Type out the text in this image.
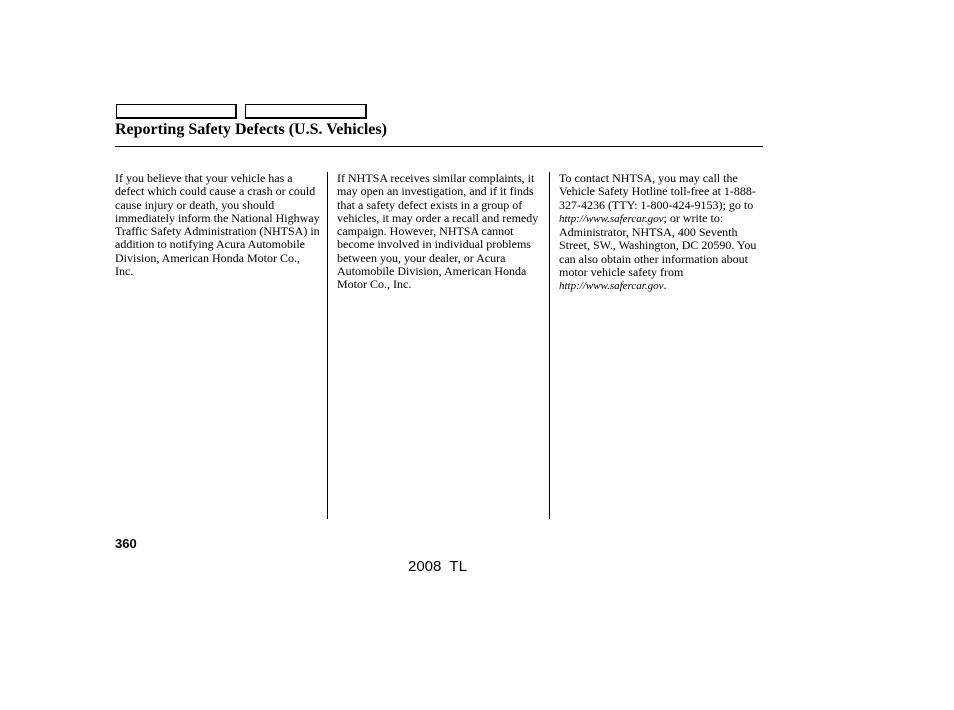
Reporting Safety Defects (U.S. Vehicles)

If you believe that your vehicle has a defect which could cause a crash or could cause injury or death, you should immediately inform the National Highway Traffic Safety Administration (NHTSA) in addition to notifying Acura Automobile Division, American Honda Motor Co., Inc.

If NHTSA receives similar complaints, it may open an investigation, and if it finds that a safety defect exists in a group of vehicles, it may order a recall and remedy campaign. However, NHTSA cannot become involved in individual problems between you, your dealer, or Acura Automobile Division, American Honda Motor Co., Inc.

To contact NHTSA, you may call the Vehicle Safety Hotline toll-free at 1-888-327-4236 (TTY: 1-800-424-9153); go to http://www.safercar.gov; or write to: Administrator, NHTSA, 400 Seventh Street, SW., Washington, DC 20590. You can also obtain other information about motor vehicle safety from http://www.safercar.gov.

360
2008  TL
